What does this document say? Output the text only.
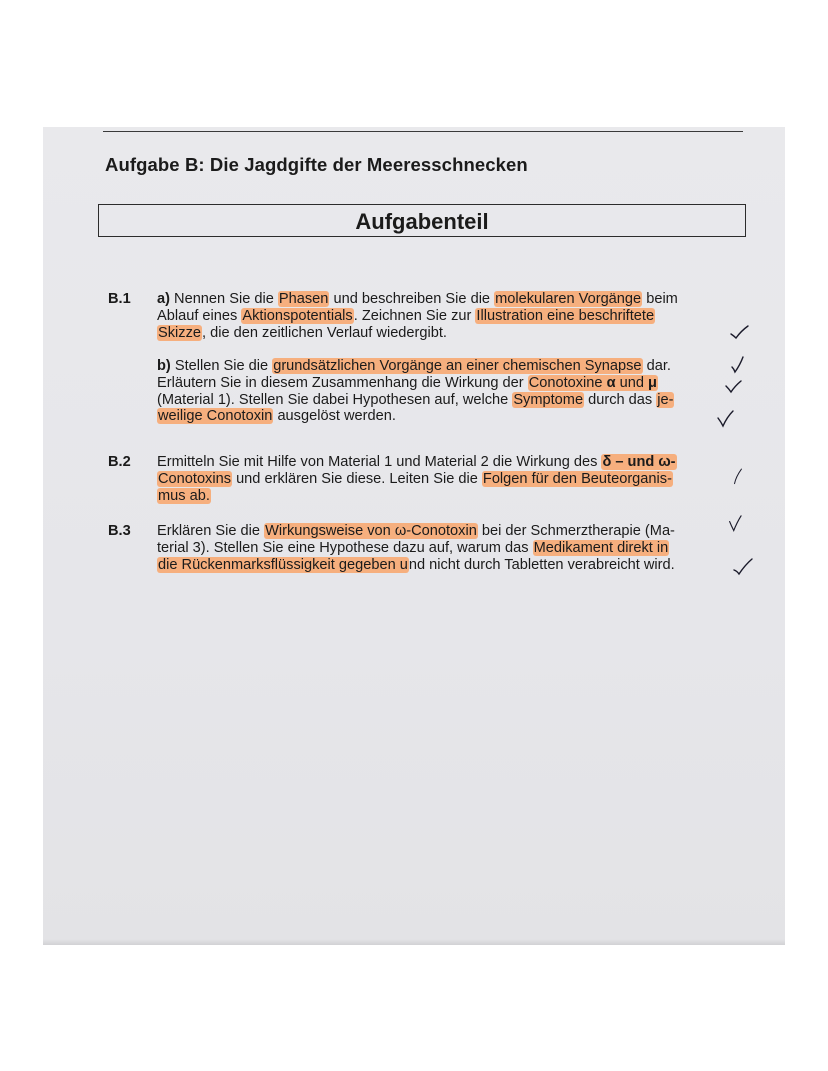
Aufgabe B: Die Jagdgifte der Meeresschnecken
Aufgabenteil
B.1 a) Nennen Sie die Phasen und beschreiben Sie die molekularen Vorgänge beim
Ablauf eines Aktionspotentials. Zeichnen Sie zur Illustration eine beschriftete
Skizze, die den zeitlichen Verlauf wiedergibt.
b) Stellen Sie die grundsätzlichen Vorgänge an einer chemischen Synapse dar.
Erläutern Sie in diesem Zusammenhang die Wirkung der Conotoxine α und μ
(Material 1). Stellen Sie dabei Hypothesen auf, welche Symptome durch das je-
weilige Conotoxin ausgelöst werden.
B.2 Ermitteln Sie mit Hilfe von Material 1 und Material 2 die Wirkung des δ – und ω-
Conotoxins und erklären Sie diese. Leiten Sie die Folgen für den Beuteorganis-
mus ab.
B.3 Erklären Sie die Wirkungsweise von ω-Conotoxin bei der Schmerztherapie (Ma-
terial 3). Stellen Sie eine Hypothese dazu auf, warum das Medikament direkt in
die Rückenmarksflüssigkeit gegeben und nicht durch Tabletten verabreicht wird.
